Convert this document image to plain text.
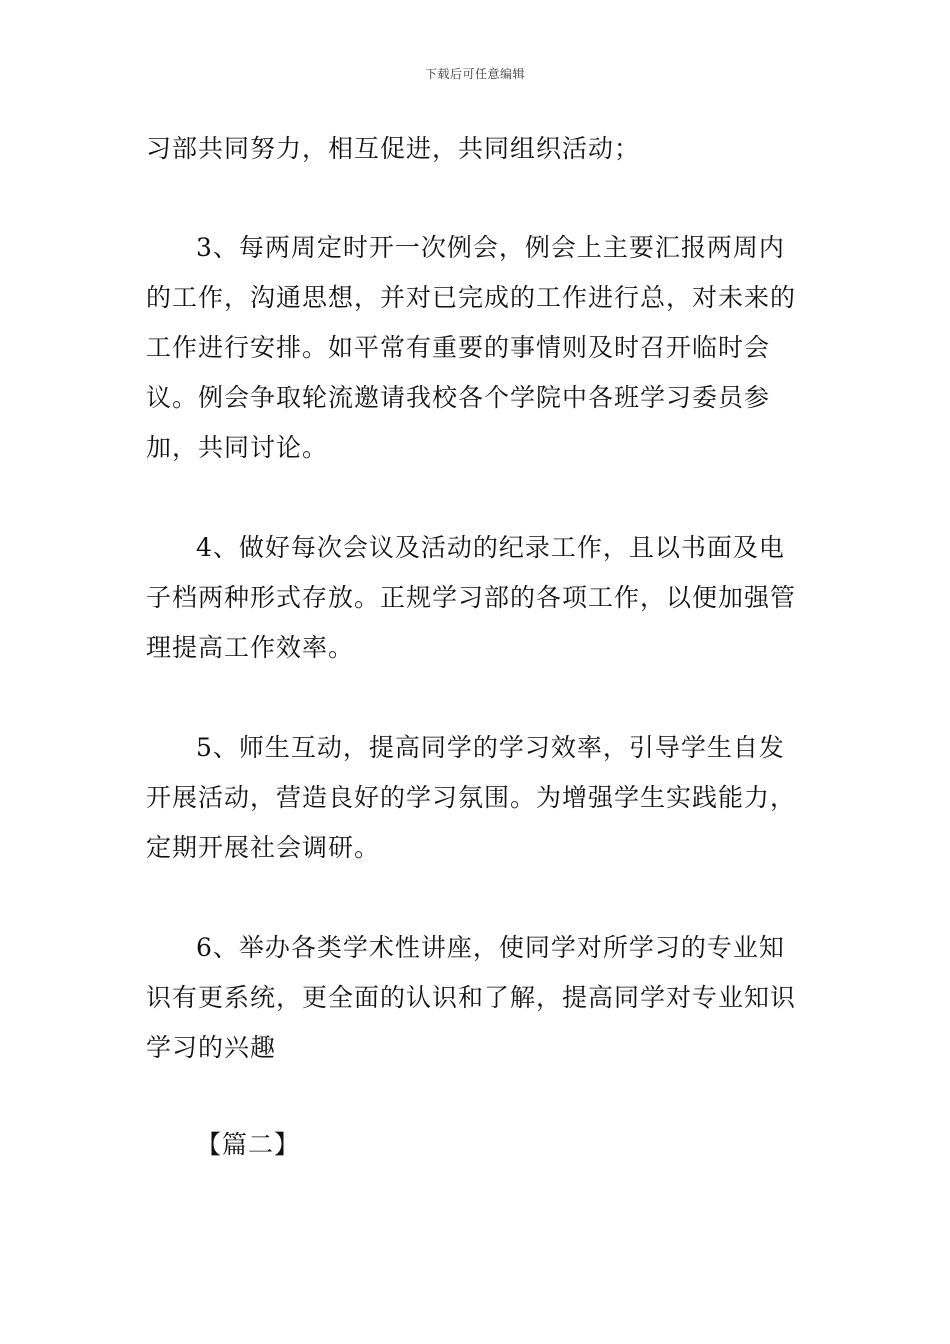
下载后可任意编辑

习部共同努力，相互促进，共同组织活动；

3、每两周定时开一次例会，例会上主要汇报两周内的工作，沟通思想，并对已完成的工作进行总，对未来的工作进行安排。如平常有重要的事情则及时召开临时会议。例会争取轮流邀请我校各个学院中各班学习委员参加，共同讨论。

4、做好每次会议及活动的纪录工作，且以书面及电子档两种形式存放。正规学习部的各项工作，以便加强管理提高工作效率。

5、师生互动，提高同学的学习效率，引导学生自发开展活动，营造良好的学习氛围。为增强学生实践能力，定期开展社会调研。

6、举办各类学术性讲座，使同学对所学习的专业知识有更系统，更全面的认识和了解，提高同学对专业知识学习的兴趣

【篇二】
